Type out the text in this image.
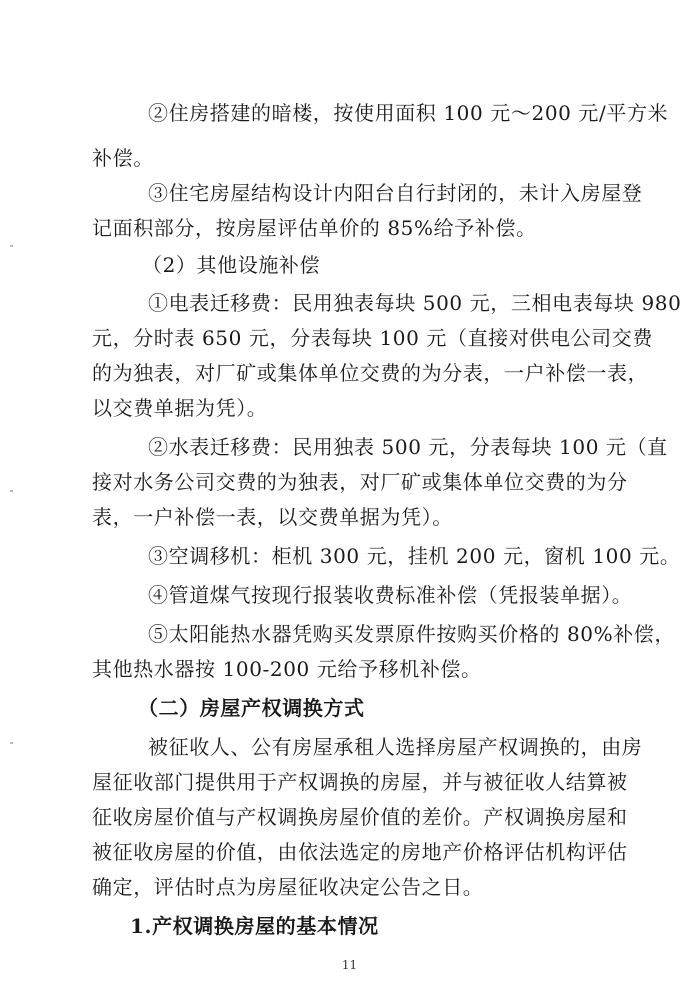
11
②住房搭建的暗楼，按使用面积 100 元～200 元/平方米
补偿。
③住宅房屋结构设计内阳台自行封闭的，未计入房屋登
记面积部分，按房屋评估单价的 85%给予补偿。
（2）其他设施补偿
①电表迁移费：民用独表每块 500 元，三相电表每块 980
元，分时表 650 元，分表每块 100 元（直接对供电公司交费
的为独表，对厂矿或集体单位交费的为分表，一户补偿一表，
以交费单据为凭）。
②水表迁移费：民用独表 500 元，分表每块 100 元（直
接对水务公司交费的为独表，对厂矿或集体单位交费的为分
表，一户补偿一表，以交费单据为凭）。
③空调移机：柜机 300 元，挂机 200 元，窗机 100 元。
④管道煤气按现行报装收费标准补偿（凭报装单据）。
⑤太阳能热水器凭购买发票原件按购买价格的 80%补偿，
其他热水器按 100-200 元给予移机补偿。
（二）房屋产权调换方式
被征收人、公有房屋承租人选择房屋产权调换的，由房
屋征收部门提供用于产权调换的房屋，并与被征收人结算被
征收房屋价值与产权调换房屋价值的差价。产权调换房屋和
被征收房屋的价值，由依法选定的房地产价格评估机构评估
确定，评估时点为房屋征收决定公告之日。
1.产权调换房屋的基本情况
